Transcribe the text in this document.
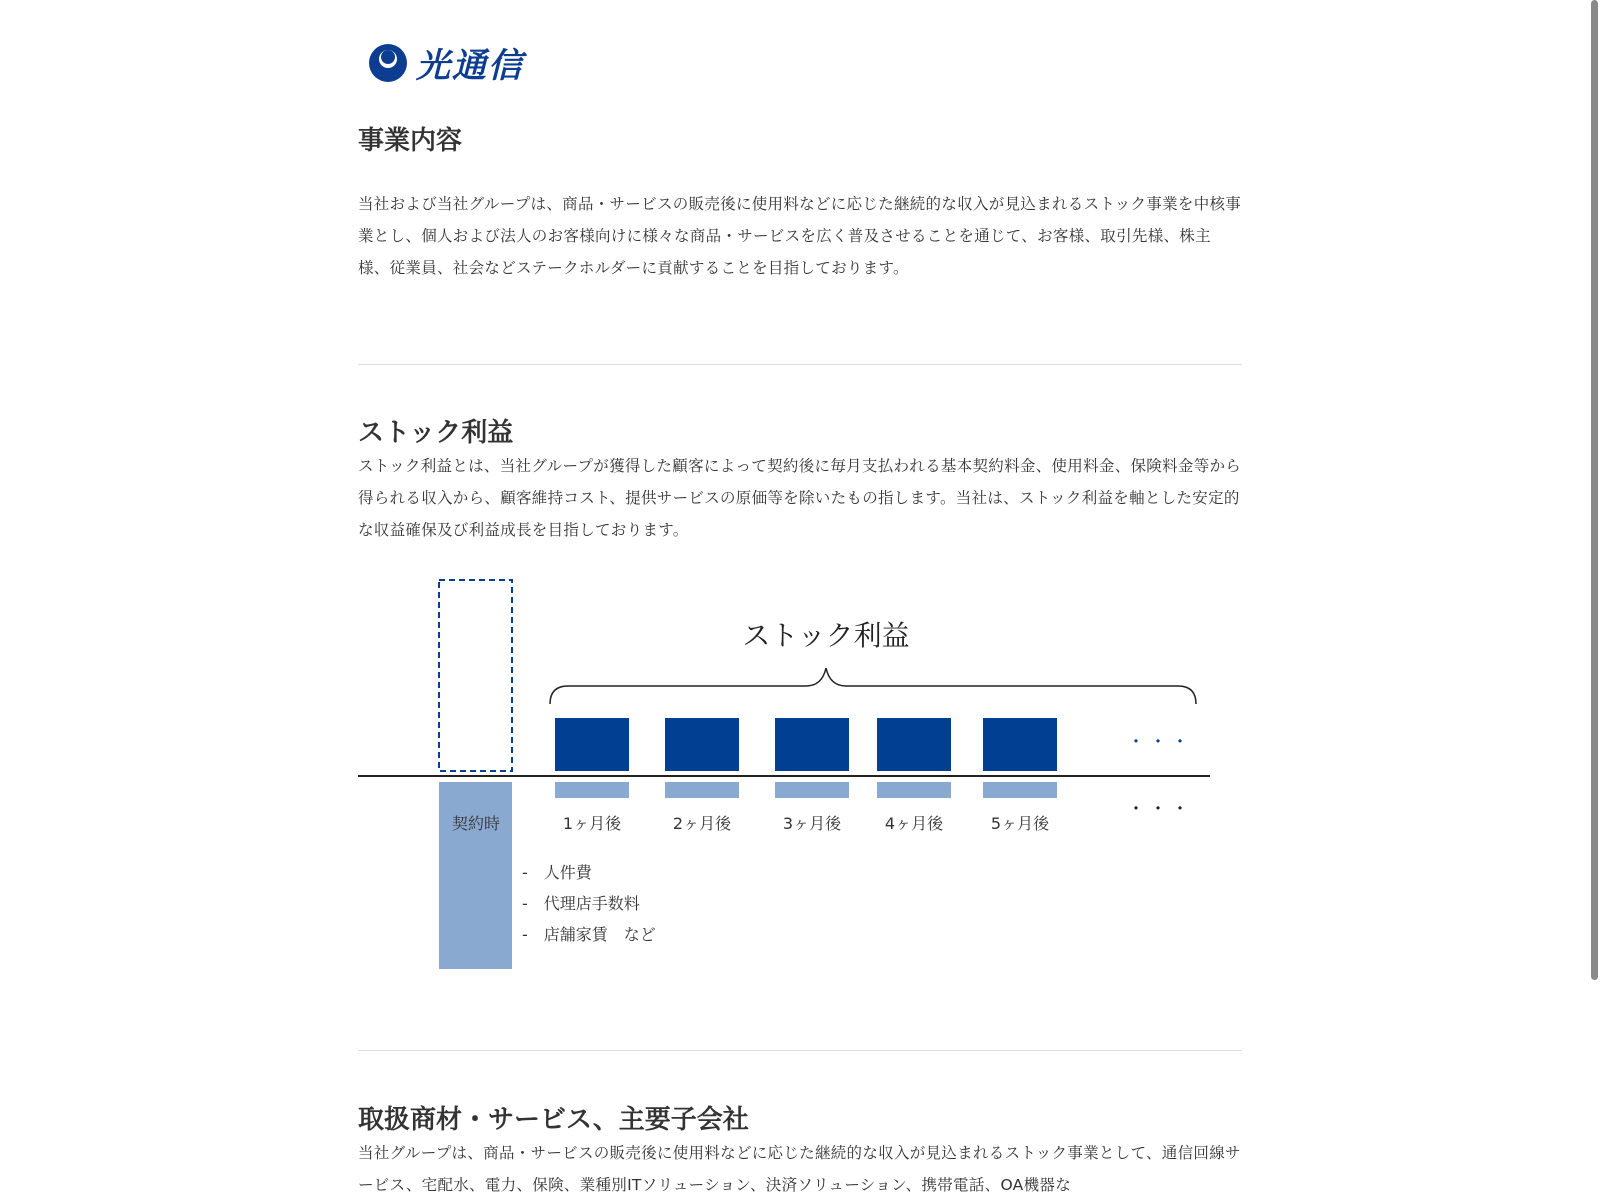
光通信
事業内容

当社および当社グループは、商品・サービスの販売後に使用料などに応じた継続的な収入が見込まれるストック事業を中核事業とし、個人および法人のお客様向けに様々な商品・サービスを広く普及させることを通じて、お客様、取引先様、株主様、従業員、社会などステークホルダーに貢献することを目指しております。

ストック利益

ストック利益とは、当社グループが獲得した顧客によって契約後に毎月支払われる基本契約料金、使用料金、保険料金等から得られる収入から、顧客維持コスト、提供サービスの原価等を除いたもの指します。当社は、ストック利益を軸とした安定的な収益確保及び利益成長を目指しております。

契約時
ストック利益
1ヶ月後	2ヶ月後	3ヶ月後	4ヶ月後	5ヶ月後
・・・
・・・
-　人件費
-　代理店手数料
-　店舗家賃　など
取扱商材・サービス、主要子会社

当社グループは、商品・サービスの販売後に使用料などに応じた継続的な収入が見込まれるストック事業として、通信回線サービス、宅配水、電力、保険、業種別ITソリューション、決済ソリューション、携帯電話、OA機器な
